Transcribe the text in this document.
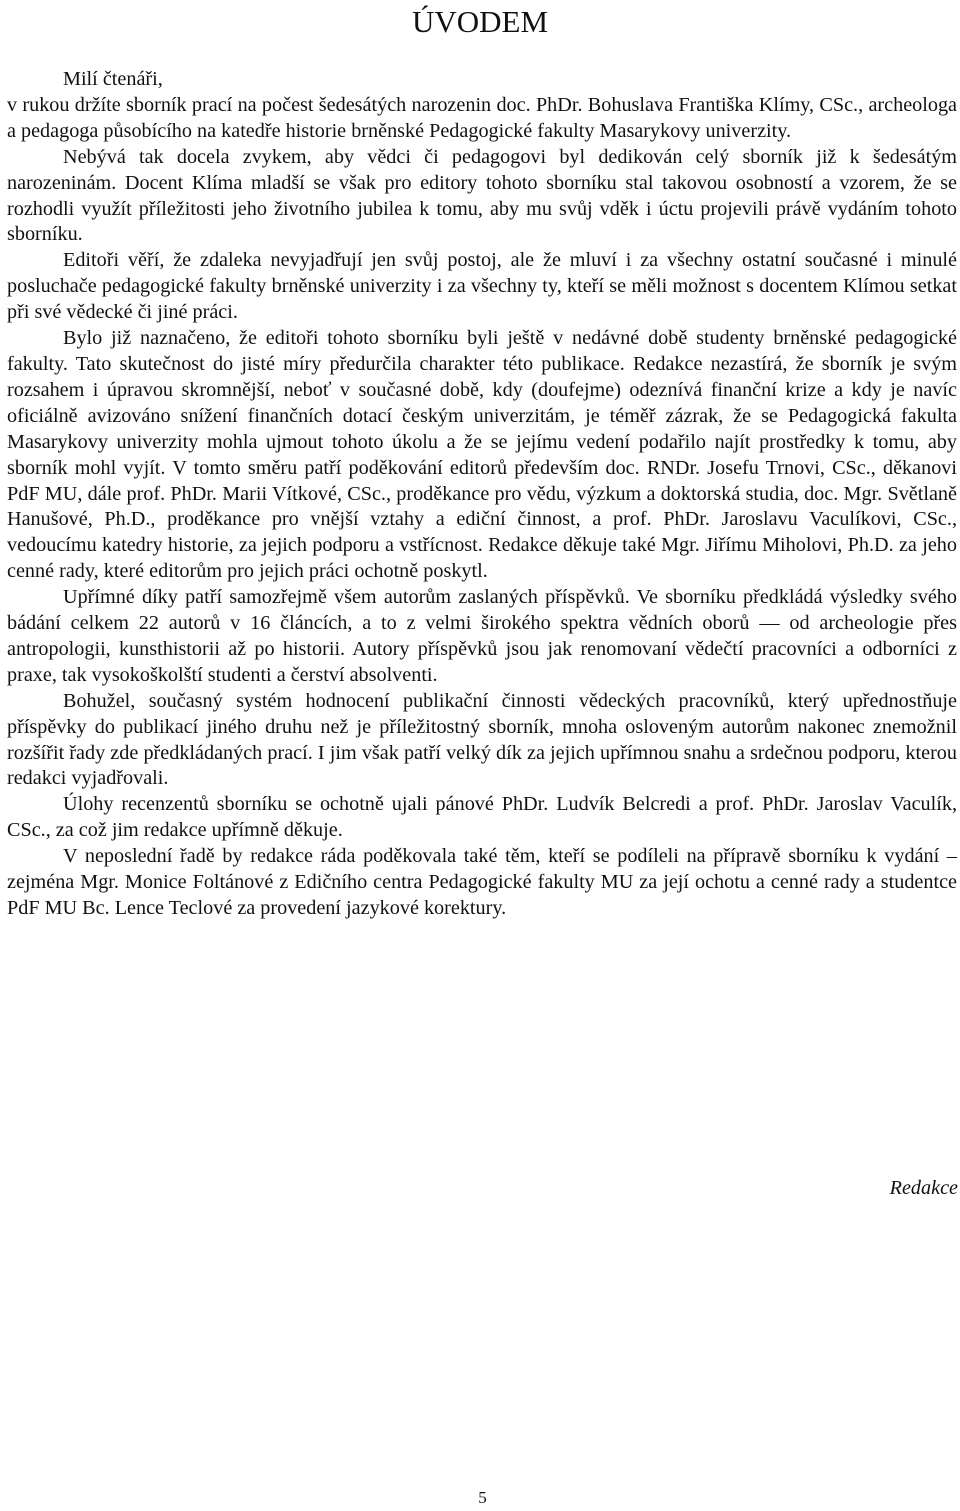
ÚVODEM

Milí čtenáři,

v rukou držíte sborník prací na počest šedesátých narozenin doc. PhDr. Bohuslava Františka Klímy, CSc., archeologa a pedagoga působícího na katedře historie brněnské Pedagogické fakulty Masarykovy univerzity.

Nebývá tak docela zvykem, aby vědci či pedagogovi byl dedikován celý sborník již k šedesátým narozeninám. Docent Klíma mladší se však pro editory tohoto sborníku stal takovou osobností a vzorem, že se rozhodli využít příležitosti jeho životního jubilea k tomu, aby mu svůj vděk i úctu projevili právě vydáním tohoto sborníku.

Editoři věří, že zdaleka nevyjadřují jen svůj postoj, ale že mluví i za všechny ostatní současné i minulé posluchače pedagogické fakulty brněnské univerzity i za všechny ty, kteří se měli možnost s docentem Klímou setkat při své vědecké či jiné práci.

Bylo již naznačeno, že editoři tohoto sborníku byli ještě v nedávné době studenty brněnské pedagogické fakulty. Tato skutečnost do jisté míry předurčila charakter této publikace. Redakce nezastírá, že sborník je svým rozsahem i úpravou skromnější, neboť v současné době, kdy (doufejme) odeznívá finanční krize a kdy je navíc oficiálně avizováno snížení finančních dotací českým univerzitám, je téměř zázrak, že se Pedagogická fakulta Masarykovy univerzity mohla ujmout tohoto úkolu a že se jejímu vedení podařilo najít prostředky k tomu, aby sborník mohl vyjít. V tomto směru patří poděkování editorů především doc. RNDr. Josefu Trnovi, CSc., děkanovi PdF MU, dále prof. PhDr. Marii Vítkové, CSc., proděkance pro vědu, výzkum a doktorská studia, doc. Mgr. Světlaně Hanušové, Ph.D., proděkance pro vnější vztahy a ediční činnost, a prof. PhDr. Jaroslavu Vaculíkovi, CSc., vedoucímu katedry historie, za jejich podporu a vstřícnost. Redakce děkuje také Mgr. Jiřímu Miholovi, Ph.D. za jeho cenné rady, které editorům pro jejich práci ochotně poskytl.

Upřímné díky patří samozřejmě všem autorům zaslaných příspěvků. Ve sborníku předkládá výsledky svého bádání celkem 22 autorů v 16 článcích, a to z velmi širokého spektra vědních oborů — od archeologie přes antropologii, kunsthistorii až po historii. Autory příspěvků jsou jak renomovaní vědečtí pracovníci a odborníci z praxe, tak vysokoškolští studenti a čerství absolventi.

Bohužel, současný systém hodnocení publikační činnosti vědeckých pracovníků, který upřednostňuje příspěvky do publikací jiného druhu než je příležitostný sborník, mnoha osloveným autorům nakonec znemožnil rozšířit řady zde předkládaných prací. I jim však patří velký dík za jejich upřímnou snahu a srdečnou podporu, kterou redakci vyjadřovali.

Úlohy recenzentů sborníku se ochotně ujali pánové PhDr. Ludvík Belcredi a prof. PhDr. Jaroslav Vaculík, CSc., za což jim redakce upřímně děkuje.

V neposlední řadě by redakce ráda poděkovala také těm, kteří se podíleli na přípravě sborníku k vydání – zejména Mgr. Monice Foltánové z Edičního centra Pedagogické fakulty MU za její ochotu a cenné rady a studentce PdF MU Bc. Lence Teclové za provedení jazykové korektury.

Redakce
5
